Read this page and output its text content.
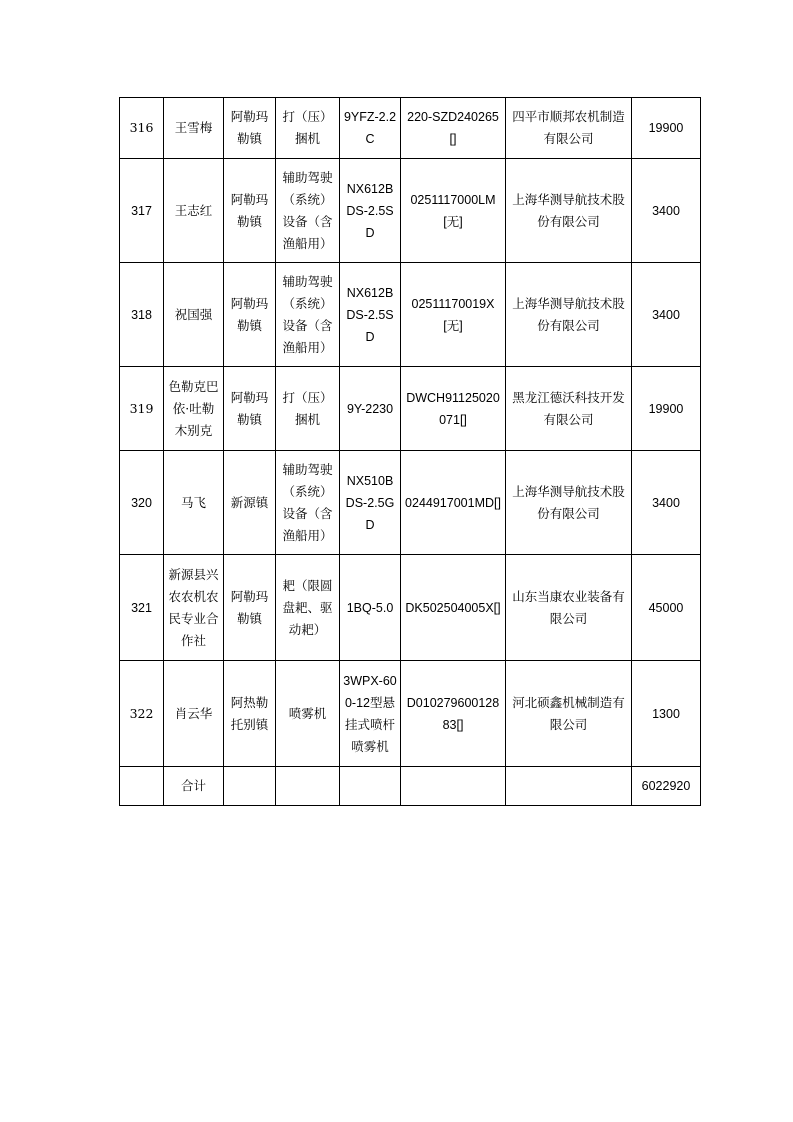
316	王雪梅	阿勒玛勒镇	打（压）捆机	9YFZ-2.2C	220-SZD240265[]	四平市顺邦农机制造有限公司	19900
317	王志红	阿勒玛勒镇	辅助驾驶（系统）设备（含渔船用）	NX612BDS-2.5SD	0251117000LM[无]	上海华测导航技术股份有限公司	3400
318	祝国强	阿勒玛勒镇	辅助驾驶（系统）设备（含渔船用）	NX612BDS-2.5SD	02511170019X[无]	上海华测导航技术股份有限公司	3400
319	色勒克巴依·吐勒木别克	阿勒玛勒镇	打（压）捆机	9Y-2230	DWCH91125020071[]	黑龙江德沃科技开发有限公司	19900
320	马飞	新源镇	辅助驾驶（系统）设备（含渔船用）	NX510BDS-2.5GD	0244917001MD[]	上海华测导航技术股份有限公司	3400
321	新源县兴农农机农民专业合作社	阿勒玛勒镇	耙（限圆盘耙、驱动耙）	1BQ-5.0	DK502504005X[]	山东当康农业装备有限公司	45000
322	肖云华	阿热勒托别镇	喷雾机	3WPX-600-12型悬挂式喷杆喷雾机	D01027960012883[]	河北硕鑫机械制造有限公司	1300
	合计						6022920
